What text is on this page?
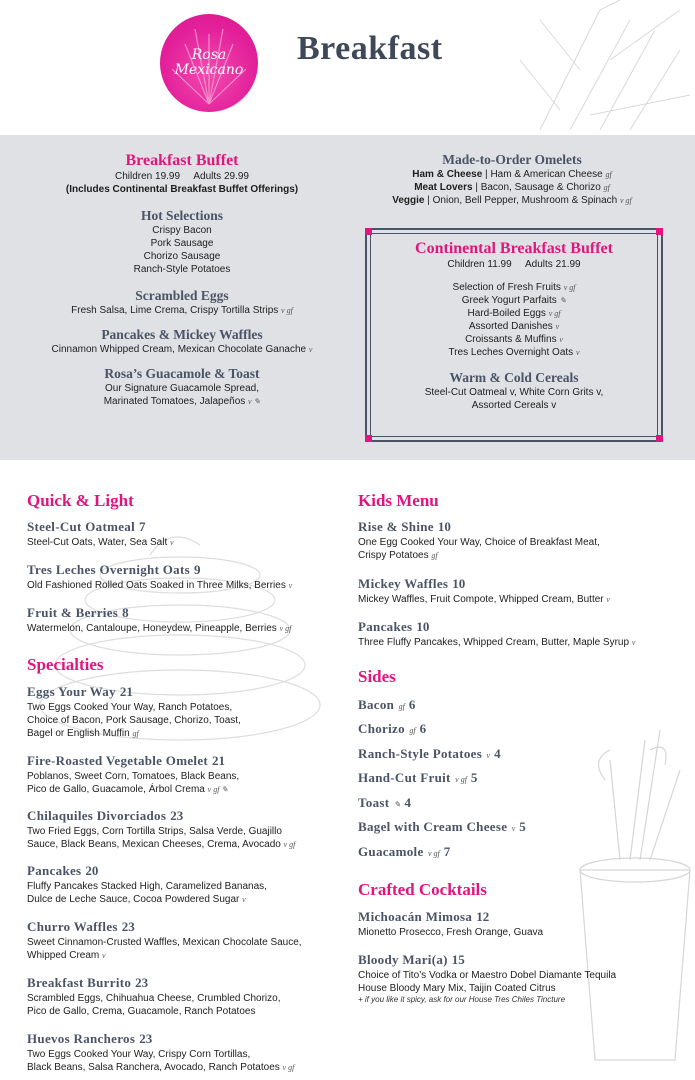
Rosa
Mexicano
Breakfast
Breakfast Buffet
Children 19.99     Adults 29.99
(Includes Continental Breakfast Buffet Offerings)
Hot Selections
Crispy Bacon
Pork Sausage
Chorizo Sausage
Ranch-Style Potatoes
Scrambled Eggs
Fresh Salsa, Lime Crema, Crispy Tortilla Strips v gf
Pancakes & Mickey Waffles
Cinnamon Whipped Cream, Mexican Chocolate Ganache v
Rosa’s Guacamole & Toast
Our Signature Guacamole Spread,
Marinated Tomatoes, Jalapeños v ✎
Made-to-Order Omelets
Ham & Cheese | Ham & American Cheese gf
Meat Lovers | Bacon, Sausage & Chorizo gf
Veggie | Onion, Bell Pepper, Mushroom & Spinach v gf
Continental Breakfast Buffet
Children 11.99     Adults 21.99
Selection of Fresh Fruits v gf
Greek Yogurt Parfaits ✎
Hard-Boiled Eggs v gf
Assorted Danishes v
Croissants & Muffins v
Tres Leches Overnight Oats v
Warm & Cold Cereals
Steel-Cut Oatmeal v, White Corn Grits v,
Assorted Cereals v
Quick & Light
Steel-Cut Oatmeal 7
Steel-Cut Oats, Water, Sea Salt v
Tres Leches Overnight Oats 9
Old Fashioned Rolled Oats Soaked in Three Milks, Berries v
Fruit & Berries 8
Watermelon, Cantaloupe, Honeydew, Pineapple, Berries v gf
Specialties
Eggs Your Way 21
Two Eggs Cooked Your Way, Ranch Potatoes,
Choice of Bacon, Pork Sausage, Chorizo, Toast,
Bagel or English Muffin gf
Fire-Roasted Vegetable Omelet 21
Poblanos, Sweet Corn, Tomatoes, Black Beans,
Pico de Gallo, Guacamole, Árbol Crema v gf ✎
Chilaquiles Divorciados 23
Two Fried Eggs, Corn Tortilla Strips, Salsa Verde, Guajillo
Sauce, Black Beans, Mexican Cheeses, Crema, Avocado v gf
Pancakes 20
Fluffy Pancakes Stacked High, Caramelized Bananas,
Dulce de Leche Sauce, Cocoa Powdered Sugar v
Churro Waffles 23
Sweet Cinnamon-Crusted Waffles, Mexican Chocolate Sauce,
Whipped Cream v
Breakfast Burrito 23
Scrambled Eggs, Chihuahua Cheese, Crumbled Chorizo,
Pico de Gallo, Crema, Guacamole, Ranch Potatoes
Huevos Rancheros 23
Two Eggs Cooked Your Way, Crispy Corn Tortillas,
Black Beans, Salsa Ranchera, Avocado, Ranch Potatoes v gf
Kids Menu
Rise & Shine 10
One Egg Cooked Your Way, Choice of Breakfast Meat,
Crispy Potatoes gf
Mickey Waffles 10
Mickey Waffles, Fruit Compote, Whipped Cream, Butter v
Pancakes 10
Three Fluffy Pancakes, Whipped Cream, Butter, Maple Syrup v
Sides
Bacon gf 6
Chorizo gf 6
Ranch-Style Potatoes v 4
Hand-Cut Fruit v gf 5
Toast ✎ 4
Bagel with Cream Cheese v 5
Guacamole v gf 7
Crafted Cocktails
Michoacán Mimosa 12
Mionetto Prosecco, Fresh Orange, Guava
Bloody Mari(a) 15
Choice of Tito’s Vodka or Maestro Dobel Diamante Tequila
House Bloody Mary Mix, Taijin Coated Citrus
+ if you like it spicy, ask for our House Tres Chiles Tincture
